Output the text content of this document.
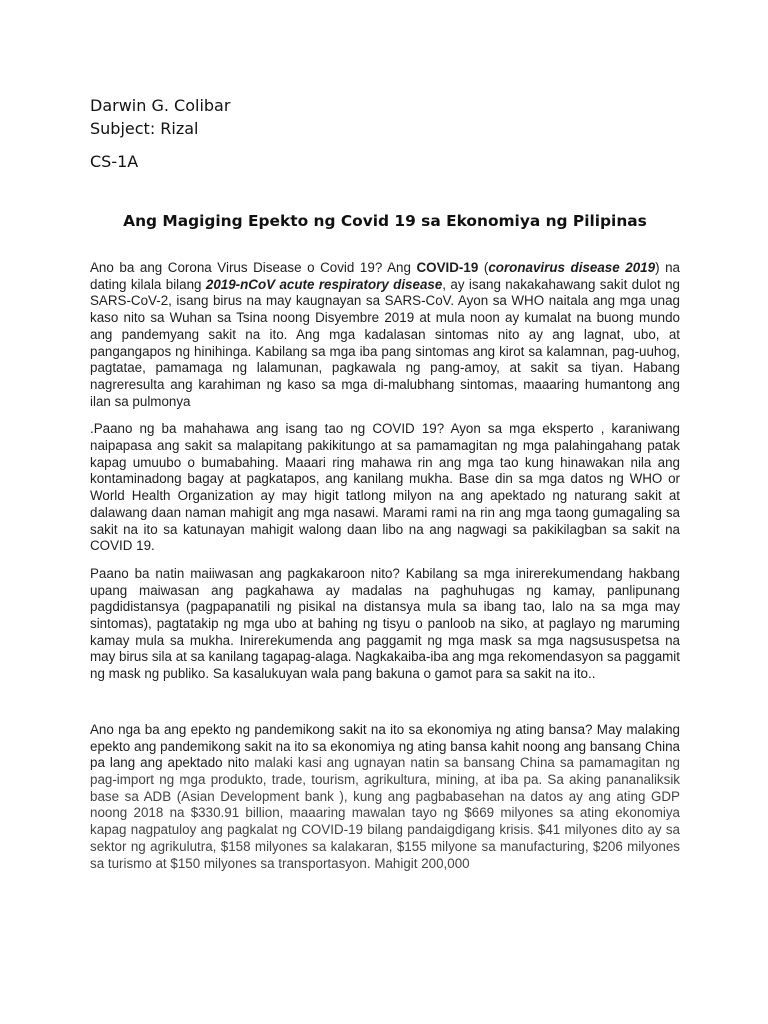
Darwin G. Colibar

Subject: Rizal

CS-1A

Ang Magiging Epekto ng Covid 19 sa Ekonomiya ng Pilipinas

Ano ba ang Corona Virus Disease o Covid 19? Ang COVID-19 (coronavirus disease 2019) na dating kilala bilang 2019-nCoV acute respiratory disease, ay isang nakakahawang sakit dulot ng SARS-CoV-2, isang birus na may kaugnayan sa SARS-CoV. Ayon sa WHO naitala ang mga unag kaso nito sa Wuhan sa Tsina noong Disyembre 2019 at mula noon ay kumalat na buong mundo ang pandemyang sakit na ito. Ang mga kadalasan sintomas nito ay ang lagnat, ubo, at pangangapos ng hinihinga. Kabilang sa mga iba pang sintomas ang kirot sa kalamnan, pag-uuhog, pagtatae, pamamaga ng lalamunan, pagkawala ng pang-amoy, at sakit sa tiyan. Habang nagreresulta ang karahiman ng kaso sa mga di-malubhang sintomas, maaaring humantong ang ilan sa pulmonya

.Paano ng ba mahahawa ang isang tao ng COVID 19? Ayon sa mga eksperto , karaniwang naipapasa ang sakit sa malapitang pakikitungo at sa pamamagitan ng mga palahingahang patak kapag umuubo o bumabahing. Maaari ring mahawa rin ang mga tao kung hinawakan nila ang kontaminadong bagay at pagkatapos, ang kanilang mukha. Base din sa mga datos ng WHO or World Health Organization ay may higit tatlong milyon na ang apektado ng naturang sakit at dalawang daan naman mahigit ang mga nasawi. Marami rami na rin ang mga taong gumagaling sa sakit na ito sa katunayan mahigit walong daan libo na ang nagwagi sa pakikilagban sa sakit na COVID 19.

Paano ba natin maiiwasan ang pagkakaroon nito? Kabilang sa mga inirerekumendang hakbang upang maiwasan ang pagkahawa ay madalas na paghuhugas ng kamay, panlipunang pagdidistansya (pagpapanatili ng pisikal na distansya mula sa ibang tao, lalo na sa mga may sintomas), pagtatakip ng mga ubo at bahing ng tisyu o panloob na siko, at paglayo ng maruming kamay mula sa mukha. Inirerekumenda ang paggamit ng mga mask sa mga nagsususpetsa na may birus sila at sa kanilang tagapag-alaga. Nagkakaiba-iba ang mga rekomendasyon sa paggamit ng mask ng publiko. Sa kasalukuyan wala pang bakuna o gamot para sa sakit na ito..

Ano nga ba ang epekto ng pandemikong sakit na ito sa ekonomiya ng ating bansa? May malaking epekto ang pandemikong sakit na ito sa ekonomiya ng ating bansa kahit noong ang bansang China pa lang ang apektado nito malaki kasi ang ugnayan natin sa bansang China sa pamamagitan ng pag-import ng mga produkto, trade, tourism, agrikultura, mining, at iba pa. Sa aking pananaliksik base sa ADB (Asian Development bank ), kung ang pagbabasehan na datos ay ang ating GDP noong 2018 na $330.91 billion, maaaring mawalan tayo ng $669 milyones sa ating ekonomiya kapag nagpatuloy ang pagkalat ng COVID-19 bilang pandaigdigang krisis. $41 milyones dito ay sa sektor ng agrikulutra, $158 milyones sa kalakaran, $155 milyone sa manufacturing, $206 milyones sa turismo at $150 milyones sa transportasyon. Mahigit 200,000
